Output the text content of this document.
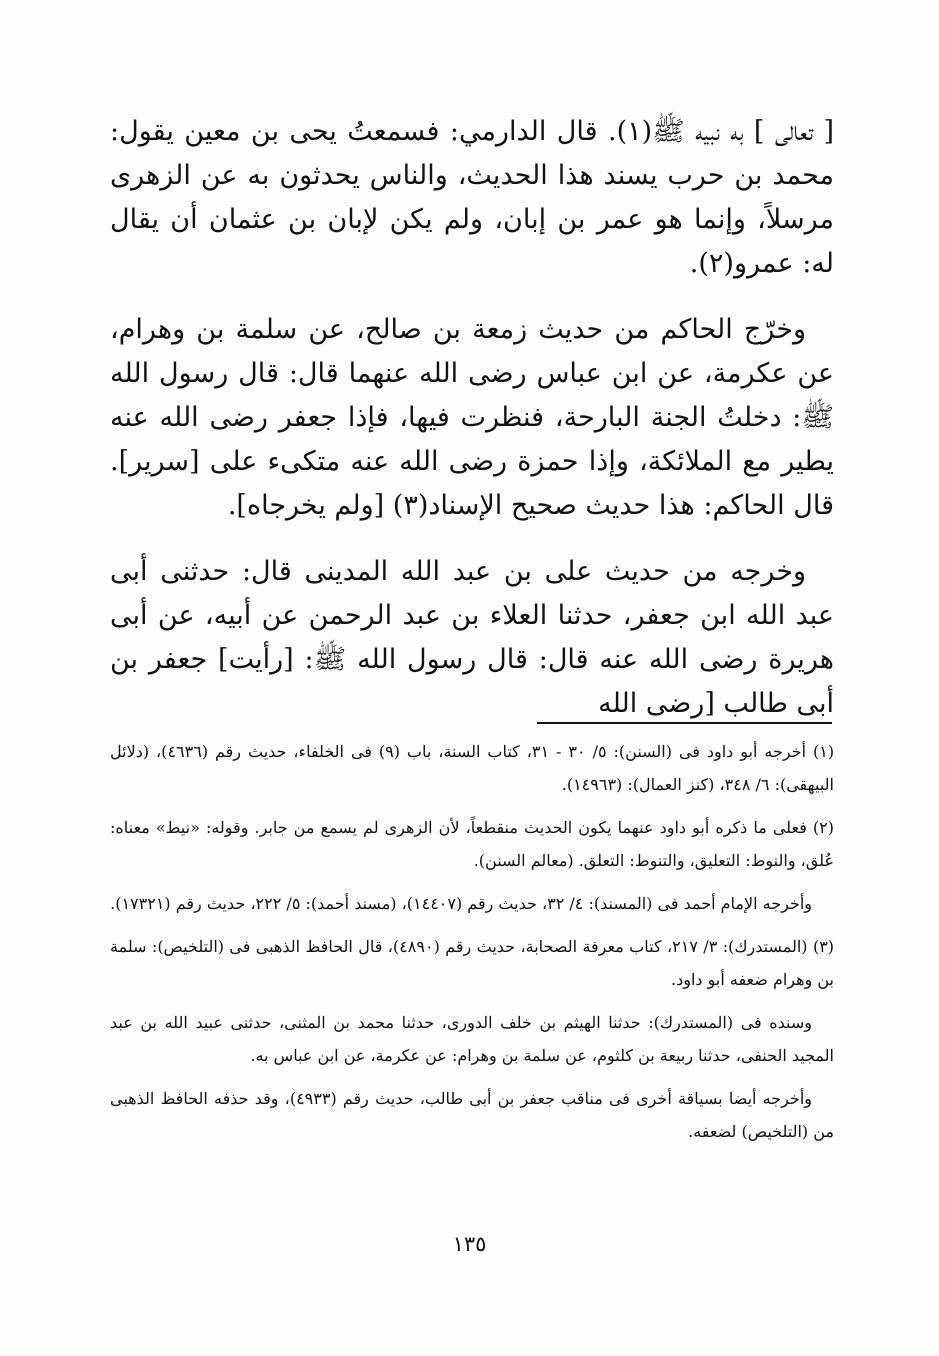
[ تعالى ] به نبيه ﷺ(١). قال الدارمي: فسمعتُ يحى بن معين يقول: محمد بن حرب يسند هذا الحديث، والناس يحدثون به عن الزهرى مرسلاً، وإنما هو عمر بن إبان، ولم يكن لإبان بن عثمان أن يقال له: عمرو(٢).

وخرّج الحاكم من حديث زمعة بن صالح، عن سلمة بن وهرام، عن عكرمة، عن ابن عباس رضى الله عنهما قال: قال رسول الله ﷺ: دخلتُ الجنة البارحة، فنظرت فيها، فإذا جعفر رضى الله عنه يطير مع الملائكة، وإذا حمزة رضى الله عنه متكىء على [سرير]. قال الحاكم: هذا حديث صحيح الإسناد(٣) [ولم يخرجاه].

وخرجه من حديث على بن عبد الله المدينى قال: حدثنى أبى عبد الله ابن جعفر، حدثنا العلاء بن عبد الرحمن عن أبيه، عن أبى هريرة رضى الله عنه قال: قال رسول الله ﷺ: [رأيت] جعفر بن أبى طالب [رضى الله

(١) أخرجه أبو داود فى (السنن): ٥/ ٣٠ - ٣١، كتاب السنة، باب (٩) فى الخلفاء، حديث رقم (٤٦٣٦)، (دلائل البيهقى): ٦/ ٣٤٨، (كنز العمال): (١٤٩٦٣).

(٢) فعلى ما ذكره أبو داود عنهما يكون الحديث منقطعاً، لأن الزهرى لم يسمع من جابر. وقوله: «نيط» معناه: عُلق، والنوط: التعليق، والتنوط: التعلق. (معالم السنن).

وأخرجه الإمام أحمد فى (المسند): ٤/ ٣٢، حديث رقم (١٤٤٠٧)، (مسند أحمد): ٥/ ٢٢٢، حديث رقم (١٧٣٢١).

(٣) (المستدرك): ٣/ ٢١٧، كتاب معرفة الصحابة، حديث رقم (٤٨٩٠)، قال الحافظ الذهبى فى (التلخيص): سلمة بن وهرام ضعفه أبو داود.

وسنده فى (المستدرك): حدثنا الهيثم بن خلف الدورى، حدثنا محمد بن المثنى، حدثنى عبيد الله بن عبد المجيد الحنفى، حدثنا ربيعة بن كلثوم، عن سلمة بن وهرام: عن عكرمة، عن ابن عباس به.

وأخرجه أيضا بسياقة أخرى فى مناقب جعفر بن أبى طالب، حديث رقم (٤٩٣٣)، وقد حذفه الحافظ الذهبى من (التلخيص) لضعفه.

١٣٥
